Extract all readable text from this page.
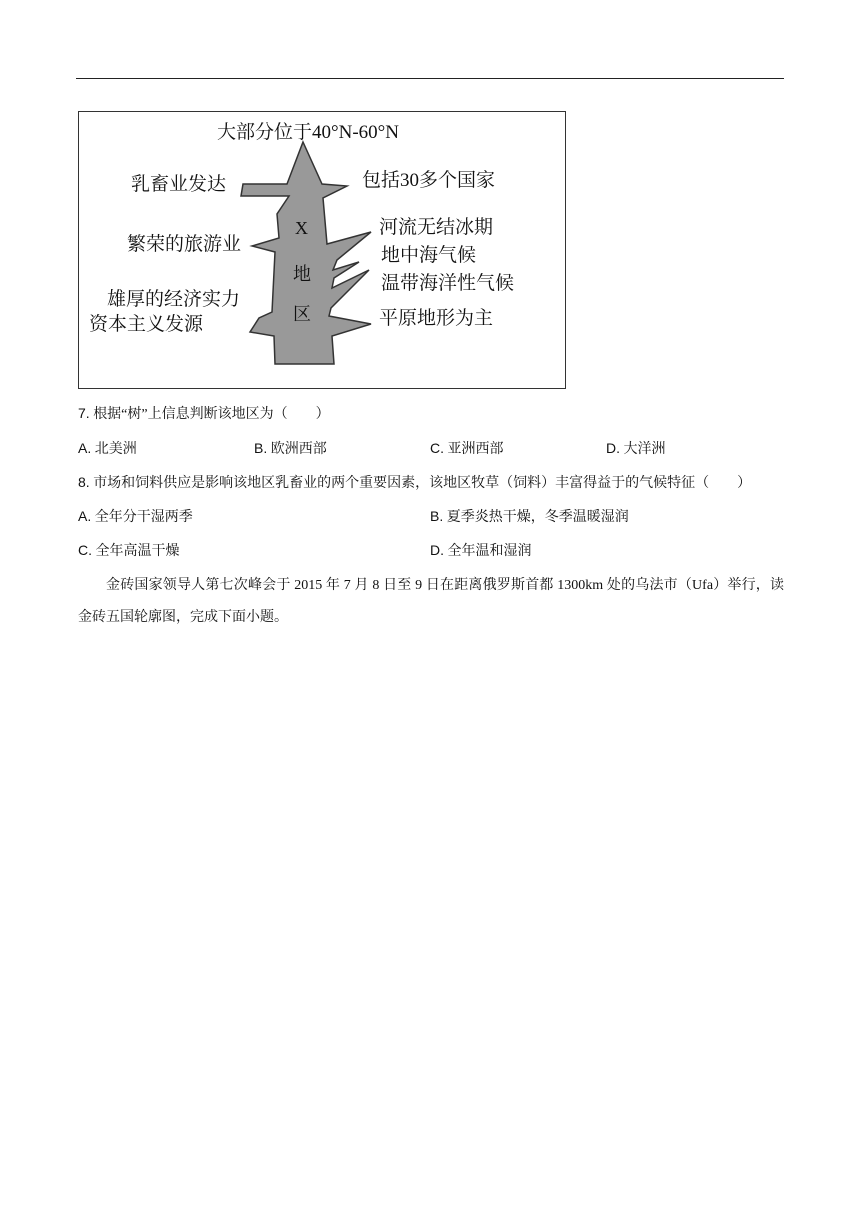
大部分位于40°N-60°N
乳畜业发达
繁荣的旅游业
雄厚的经济实力
资本主义发源
包括30多个国家
河流无结冰期
地中海气候
温带海洋性气候
平原地形为主
X
地
区
7. 根据“树”上信息判断该地区为（　　）
A. 北美洲	B. 欧洲西部	C. 亚洲西部	D. 大洋洲
8. 市场和饲料供应是影响该地区乳畜业的两个重要因素，该地区牧草（饲料）丰富得益于的气候特征（　　）
A. 全年分干湿两季	B. 夏季炎热干燥，冬季温暖湿润
C. 全年高温干燥	D. 全年温和湿润

金砖国家领导人第七次峰会于 2015 年 7 月 8 日至 9 日在距离俄罗斯首都 1300km 处的乌法市（Ufa）举行，读金砖五国轮廓图，完成下面小题。
